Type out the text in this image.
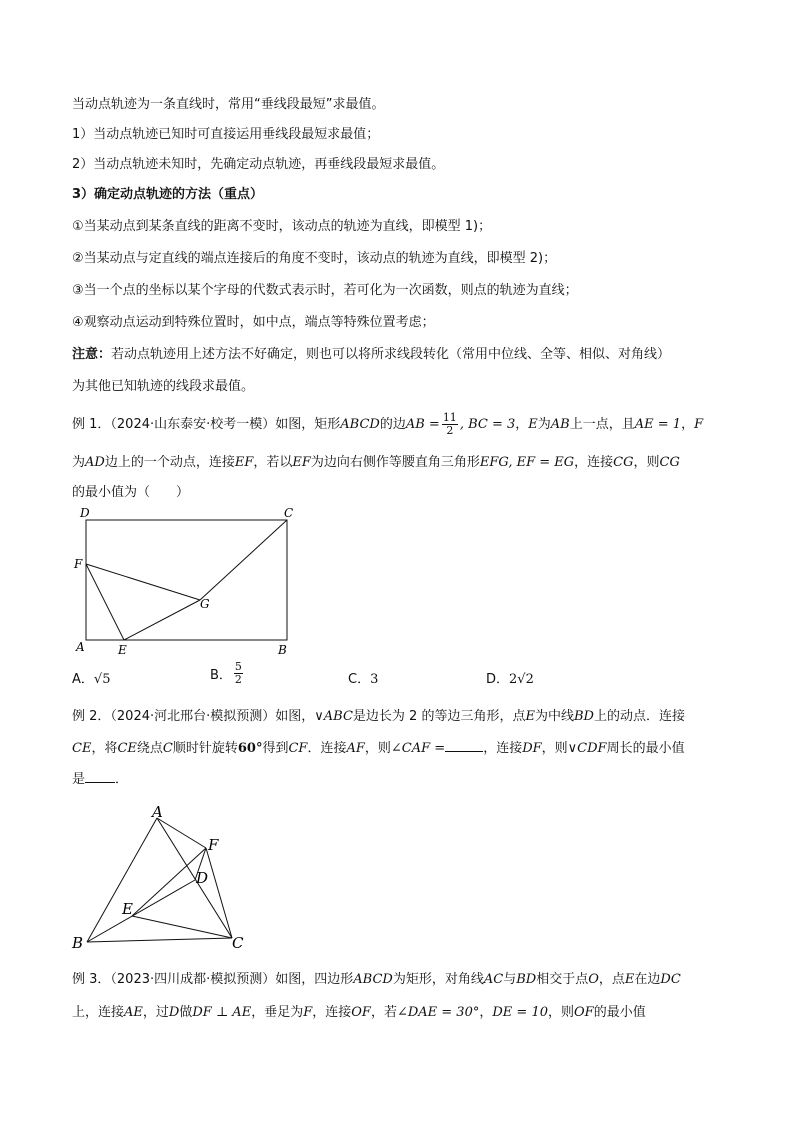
当动点轨迹为一条直线时，常用“垂线段最短”求最值。
1）当动点轨迹已知时可直接运用垂线段最短求最值；
2）当动点轨迹未知时，先确定动点轨迹，再垂线段最短求最值。
3）确定动点轨迹的方法（重点）
①当某动点到某条直线的距离不变时，该动点的轨迹为直线，即模型 1)；
②当某动点与定直线的端点连接后的角度不变时，该动点的轨迹为直线，即模型 2)；
③当一个点的坐标以某个字母的代数式表示时，若可化为一次函数，则点的轨迹为直线；
④观察动点运动到特殊位置时，如中点，端点等特殊位置考虑；
注意：若动点轨迹用上述方法不好确定，则也可以将所求线段转化（常用中位线、全等、相似、对角线）
为其他已知轨迹的线段求最值。
例 1．（2024·山东泰安·校考一模）如图，矩形ABCD的边AB = $\frac{11}{2}$ , BC = 3，E为AB上一点，且AE = 1，F
为AD边上的一个动点，连接EF，若以EF为边向右侧作等腰直角三角形EFG, EF = EG，连接CG，则CG
的最小值为（　　）
D	C
F
G
A	E	B
A．√5	B． $\frac{5}{2}$	C．3	D．2√2
例 2．（2024·河北邢台·模拟预测）如图，∨ABC是边长为 2 的等边三角形，点E为中线BD上的动点．连接
CE，将CE绕点C顺时针旋转60°得到CF．连接AF，则∠CAF =	，连接DF，则∨CDF周长的最小值
是 ．
A
F
D
E
B	C
例 3．（2023·四川成都·模拟预测）如图，四边形ABCD为矩形，对角线AC与BD相交于点O，点E在边DC
上，连接AE，过D做DF ⊥ AE，垂足为F，连接OF，若∠DAE = 30°，DE = 10，则OF的最小值
